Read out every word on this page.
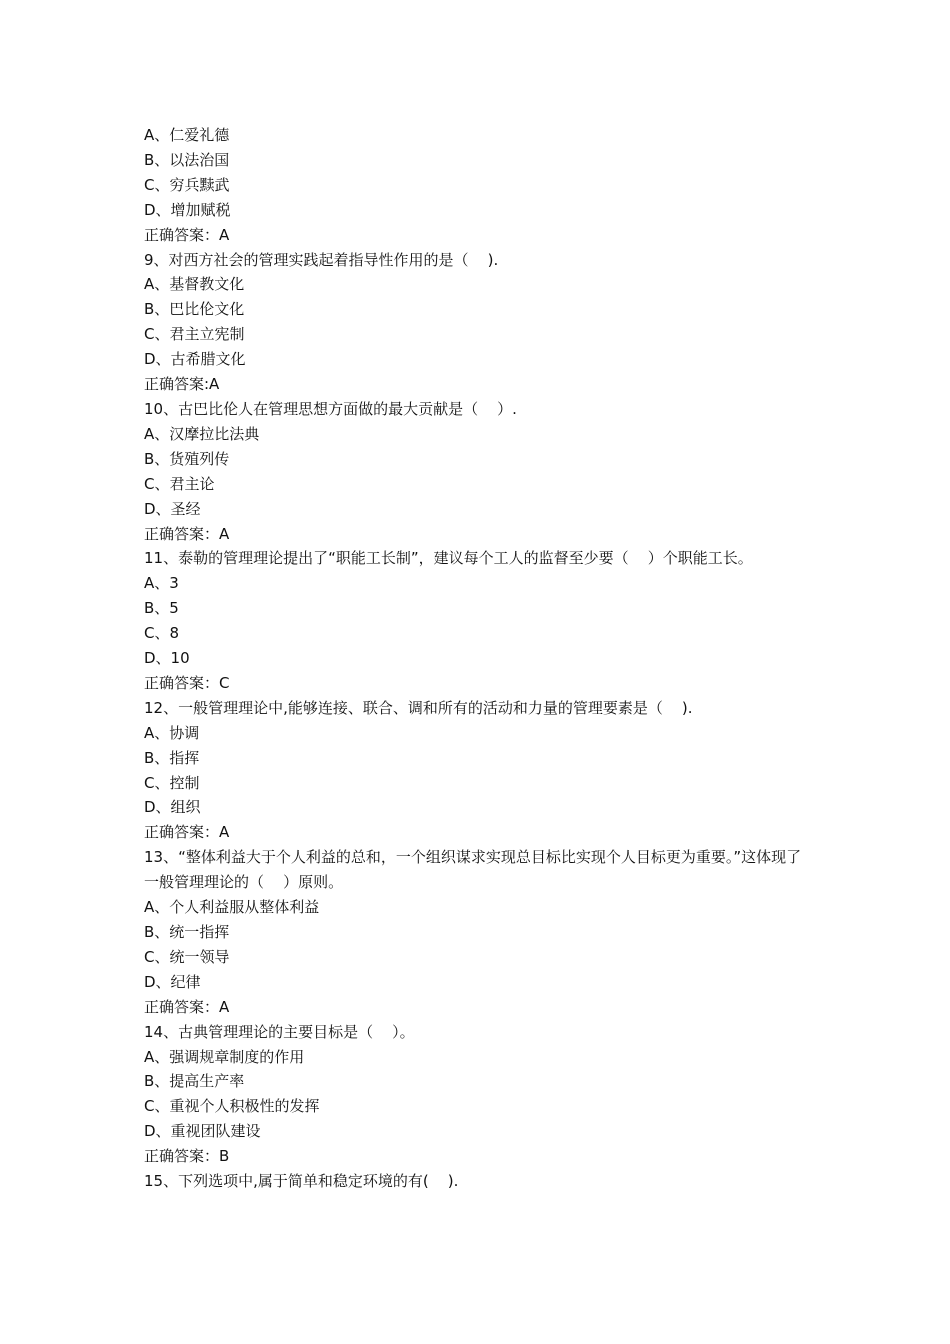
A、仁爱礼德
B、以法治国
C、穷兵黩武
D、增加赋税
正确答案：A
9、对西方社会的管理实践起着指导性作用的是（    ).
A、基督教文化
B、巴比伦文化
C、君主立宪制
D、古希腊文化
正确答案:A
10、古巴比伦人在管理思想方面做的最大贡献是（    ）.
A、汉摩拉比法典
B、货殖列传
C、君主论
D、圣经
正确答案：A
11、泰勒的管理理论提出了“职能工长制”，建议每个工人的监督至少要（    ）个职能工长。
A、3
B、5
C、8
D、10
正确答案：C
12、一般管理理论中,能够连接、联合、调和所有的活动和力量的管理要素是（    ).
A、协调
B、指挥
C、控制
D、组织
正确答案：A
13、“整体利益大于个人利益的总和，一个组织谋求实现总目标比实现个人目标更为重要。”这体现了一般管理理论的（    ）原则。
A、个人利益服从整体利益
B、统一指挥
C、统一领导
D、纪律
正确答案：A
14、古典管理理论的主要目标是（    ）。
A、强调规章制度的作用
B、提高生产率
C、重视个人积极性的发挥
D、重视团队建设
正确答案：B
15、下列选项中,属于简单和稳定环境的有(    ).
